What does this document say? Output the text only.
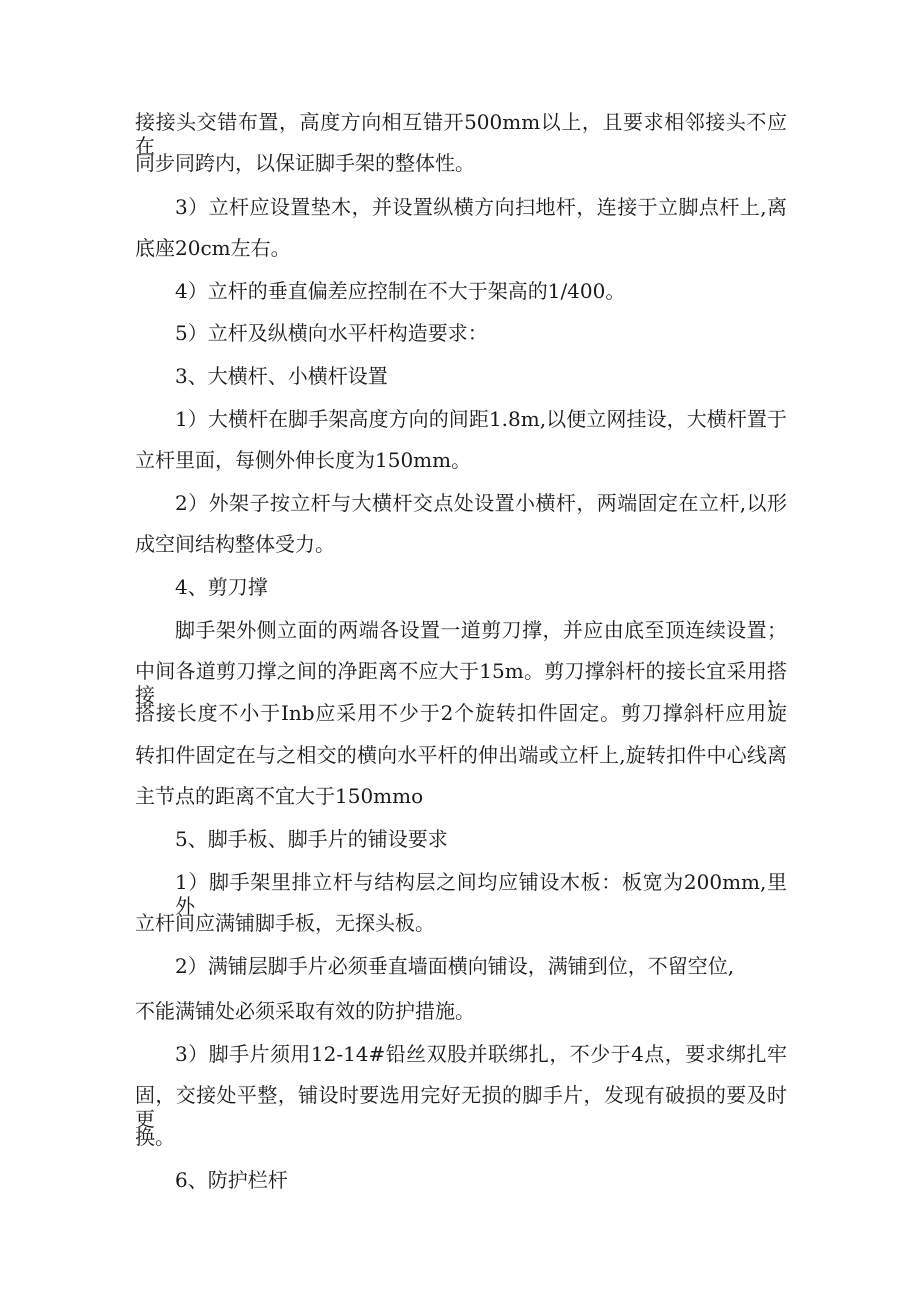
接接头交错布置，高度方向相互错开500mm以上，且要求相邻接头不应在

同步同跨内，以保证脚手架的整体性。

3）立杆应设置垫木，并设置纵横方向扫地杆，连接于立脚点杆上,离

底座20cm左右。

4）立杆的垂直偏差应控制在不大于架高的1/400。

5）立杆及纵横向水平杆构造要求：

3、大横杆、小横杆设置

1）大横杆在脚手架高度方向的间距1.8m,以便立网挂设，大横杆置于

立杆里面，每侧外伸长度为150mm。

2）外架子按立杆与大横杆交点处设置小横杆，两端固定在立杆,以形

成空间结构整体受力。

4、剪刀撑

脚手架外侧立面的两端各设置一道剪刀撑，并应由底至顶连续设置；

中间各道剪刀撑之间的净距离不应大于15m。剪刀撑斜杆的接长宜采用搭接，

搭接长度不小于Inb应采用不少于2个旋转扣件固定。剪刀撑斜杆应用旋

转扣件固定在与之相交的横向水平杆的伸出端或立杆上,旋转扣件中心线离

主节点的距离不宜大于150mmo

5、脚手板、脚手片的铺设要求

1）脚手架里排立杆与结构层之间均应铺设木板：板宽为200mm,里外

立杆间应满铺脚手板，无探头板。

2）满铺层脚手片必须垂直墙面横向铺设，满铺到位，不留空位,

不能满铺处必须采取有效的防护措施。

3）脚手片须用12-14#铅丝双股并联绑扎，不少于4点，要求绑扎牢

固，交接处平整，铺设时要选用完好无损的脚手片，发现有破损的要及时更

换。

6、防护栏杆
